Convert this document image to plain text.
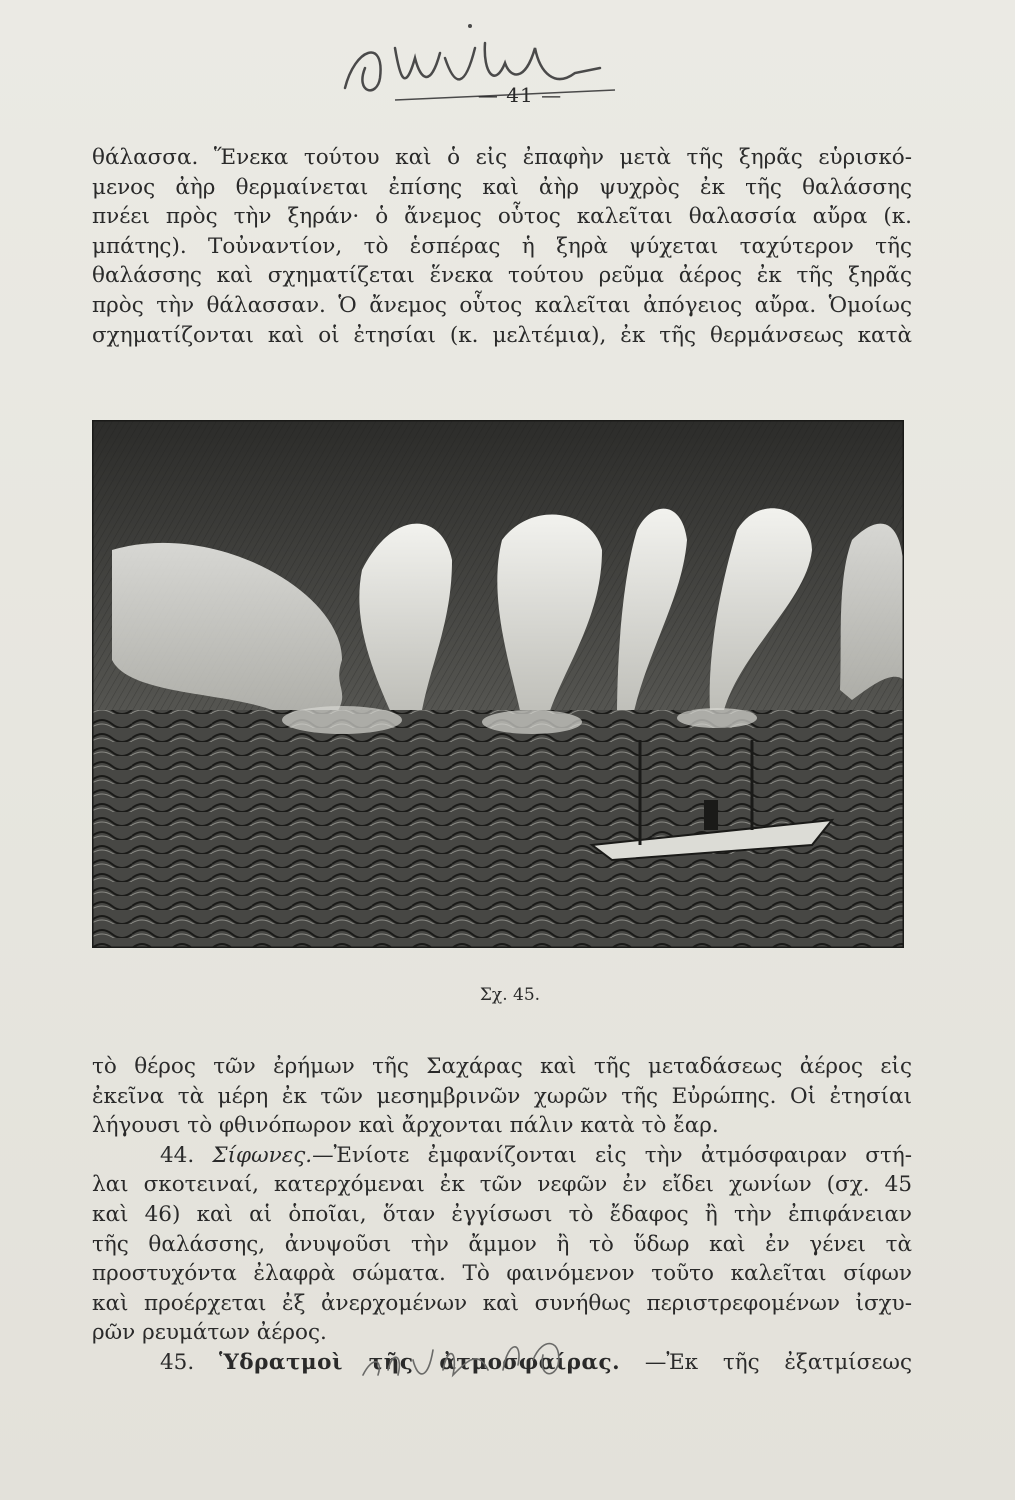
— 41 —
θάλασσα. Ἕνεκα τούτου καὶ ὁ εἰς ἐπαφὴν μετὰ τῆς ξηρᾶς εὑρισκό-
μενος ἀὴρ θερμαίνεται ἐπίσης καὶ ἀὴρ ψυχρὸς ἐκ τῆς θαλάσσης
πνέει πρὸς τὴν ξηράν· ὁ ἄνεμος οὗτος καλεῖται θαλασσία αὔρα (κ.
μπάτης). Τοὐναντίον, τὸ ἑσπέρας ἡ ξηρὰ ψύχεται ταχύτερον τῆς
θαλάσσης καὶ σχηματίζεται ἕνεκα τούτου ρεῦμα ἀέρος ἐκ τῆς ξηρᾶς
πρὸς τὴν θάλασσαν. Ὁ ἄνεμος οὗτος καλεῖται ἀπόγειος αὔρα. Ὁμοίως
σχηματίζονται καὶ οἱ ἐτησίαι (κ. μελτέμια), ἐκ τῆς θερμάνσεως κατὰ
Σχ. 45.
τὸ θέρος τῶν ἐρήμων τῆς Σαχάρας καὶ τῆς μεταδάσεως ἀέρος εἰς
ἐκεῖνα τὰ μέρη ἐκ τῶν μεσημβρινῶν χωρῶν τῆς Εὐρώπης. Οἱ ἐτησίαι
λήγουσι τὸ φθινόπωρον καὶ ἄρχονται πάλιν κατὰ τὸ ἔαρ.
44. Σίφωνες.—Ἐνίοτε ἐμφανίζονται εἰς τὴν ἀτμόσφαιραν στή-
λαι σκοτειναί, κατερχόμεναι ἐκ τῶν νεφῶν ἐν εἴδει χωνίων (σχ. 45
καὶ 46) καὶ αἱ ὁποῖαι, ὅταν ἐγγίσωσι τὸ ἔδαφος ἢ τὴν ἐπιφάνειαν
τῆς θαλάσσης, ἀνυψοῦσι τὴν ἄμμον ἢ τὸ ὕδωρ καὶ ἐν γένει τὰ
προστυχόντα ἐλαφρὰ σώματα. Τὸ φαινόμενον τοῦτο καλεῖται σίφων
καὶ προέρχεται ἐξ ἀνερχομένων καὶ συνήθως περιστρεφομένων ἰσχυ-
ρῶν ρευμάτων ἀέρος.
45. Ὑδρατμοὶ τῆς ἀτμοσφαίρας. —Ἐκ τῆς ἐξατμίσεως
